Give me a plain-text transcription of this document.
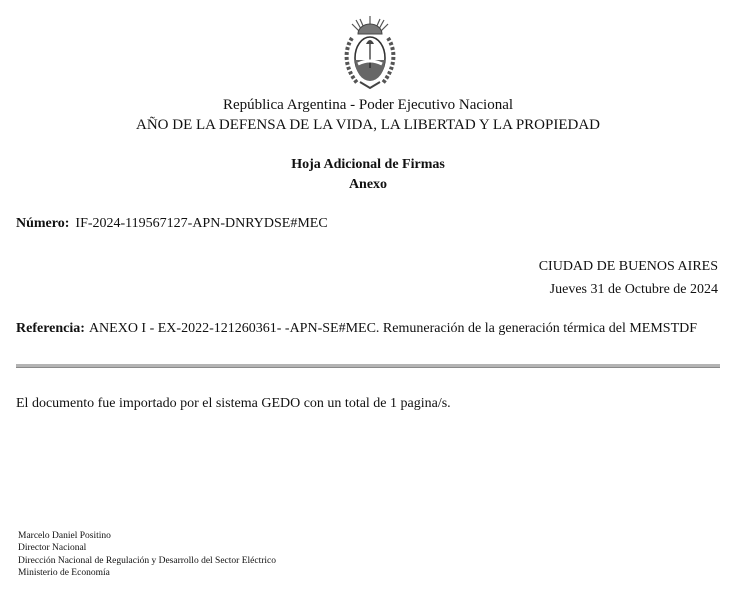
República Argentina - Poder Ejecutivo Nacional
AÑO DE LA DEFENSA DE LA VIDA, LA LIBERTAD Y LA PROPIEDAD
Hoja Adicional de Firmas
Anexo
Número: IF-2024-119567127-APN-DNRYDSE#MEC
CIUDAD DE BUENOS AIRES
Jueves 31 de Octubre de 2024
Referencia: ANEXO I - EX-2022-121260361- -APN-SE#MEC. Remuneración de la generación térmica del MEMSTDF
El documento fue importado por el sistema GEDO con un total de 1 pagina/s.
Marcelo Daniel Positino
Director Nacional
Dirección Nacional de Regulación y Desarrollo del Sector Eléctrico
Ministerio de Economía
